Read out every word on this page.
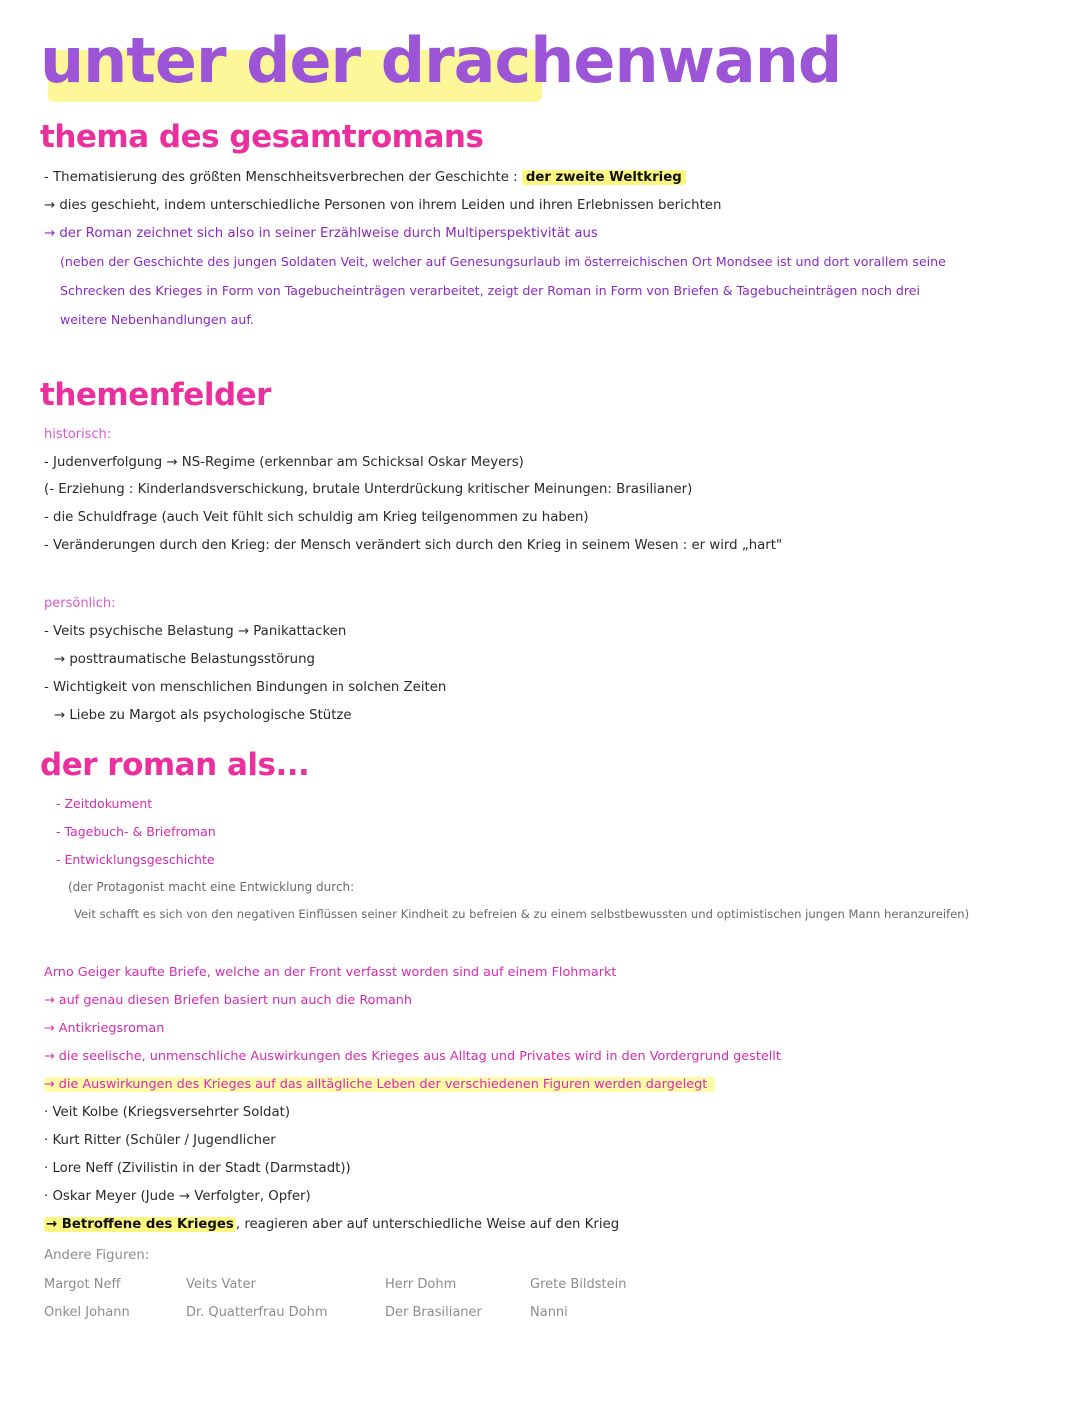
unter der drachenwand
thema des gesamtromans
- Thematisierung des größten Menschheitsverbrechen der Geschichte : der zweite Weltkrieg
→ dies geschieht, indem unterschiedliche Personen von ihrem Leiden und ihren Erlebnissen berichten
→ der Roman zeichnet sich also in seiner Erzählweise durch Multiperspektivität aus
(neben der Geschichte des jungen Soldaten Veit, welcher auf Genesungsurlaub im österreichischen Ort Mondsee ist und dort vorallem seine
Schrecken des Krieges in Form von Tagebucheinträgen verarbeitet, zeigt der Roman in Form von Briefen & Tagebucheinträgen noch drei
weitere Nebenhandlungen auf.
themenfelder
historisch:
- Judenverfolgung → NS-Regime (erkennbar am Schicksal Oskar Meyers)
(- Erziehung : Kinderlandsverschickung, brutale Unterdrückung kritischer Meinungen: Brasilianer)
- die Schuldfrage (auch Veit fühlt sich schuldig am Krieg teilgenommen zu haben)
- Veränderungen durch den Krieg: der Mensch verändert sich durch den Krieg in seinem Wesen : er wird „hart"
persönlich:
- Veits psychische Belastung → Panikattacken
→ posttraumatische Belastungsstörung
- Wichtigkeit von menschlichen Bindungen in solchen Zeiten
→ Liebe zu Margot als psychologische Stütze
der roman als...
- Zeitdokument
- Tagebuch- & Briefroman
- Entwicklungsgeschichte
(der Protagonist macht eine Entwicklung durch:
Veit schafft es sich von den negativen Einflüssen seiner Kindheit zu befreien & zu einem selbstbewussten und optimistischen jungen Mann heranzureifen)
Arno Geiger kaufte Briefe, welche an der Front verfasst worden sind auf einem Flohmarkt
→ auf genau diesen Briefen basiert nun auch die Romanh
→ Antikriegsroman
→ die seelische, unmenschliche Auswirkungen des Krieges aus Alltag und Privates wird in den Vordergrund gestellt
→ die Auswirkungen des Krieges auf das alltägliche Leben der verschiedenen Figuren werden dargelegt
· Veit Kolbe (Kriegsversehrter Soldat)
· Kurt Ritter (Schüler / Jugendlicher
· Lore Neff (Zivilistin in der Stadt (Darmstadt))
· Oskar Meyer (Jude → Verfolgter, Opfer)
→ Betroffene des Krieges , reagieren aber auf unterschiedliche Weise auf den Krieg
Andere Figuren:
Margot Neff	Veits Vater	Herr Dohm	Grete Bildstein
Onkel Johann	Dr. Quatterfrau Dohm	Der Brasilianer	Nanni
